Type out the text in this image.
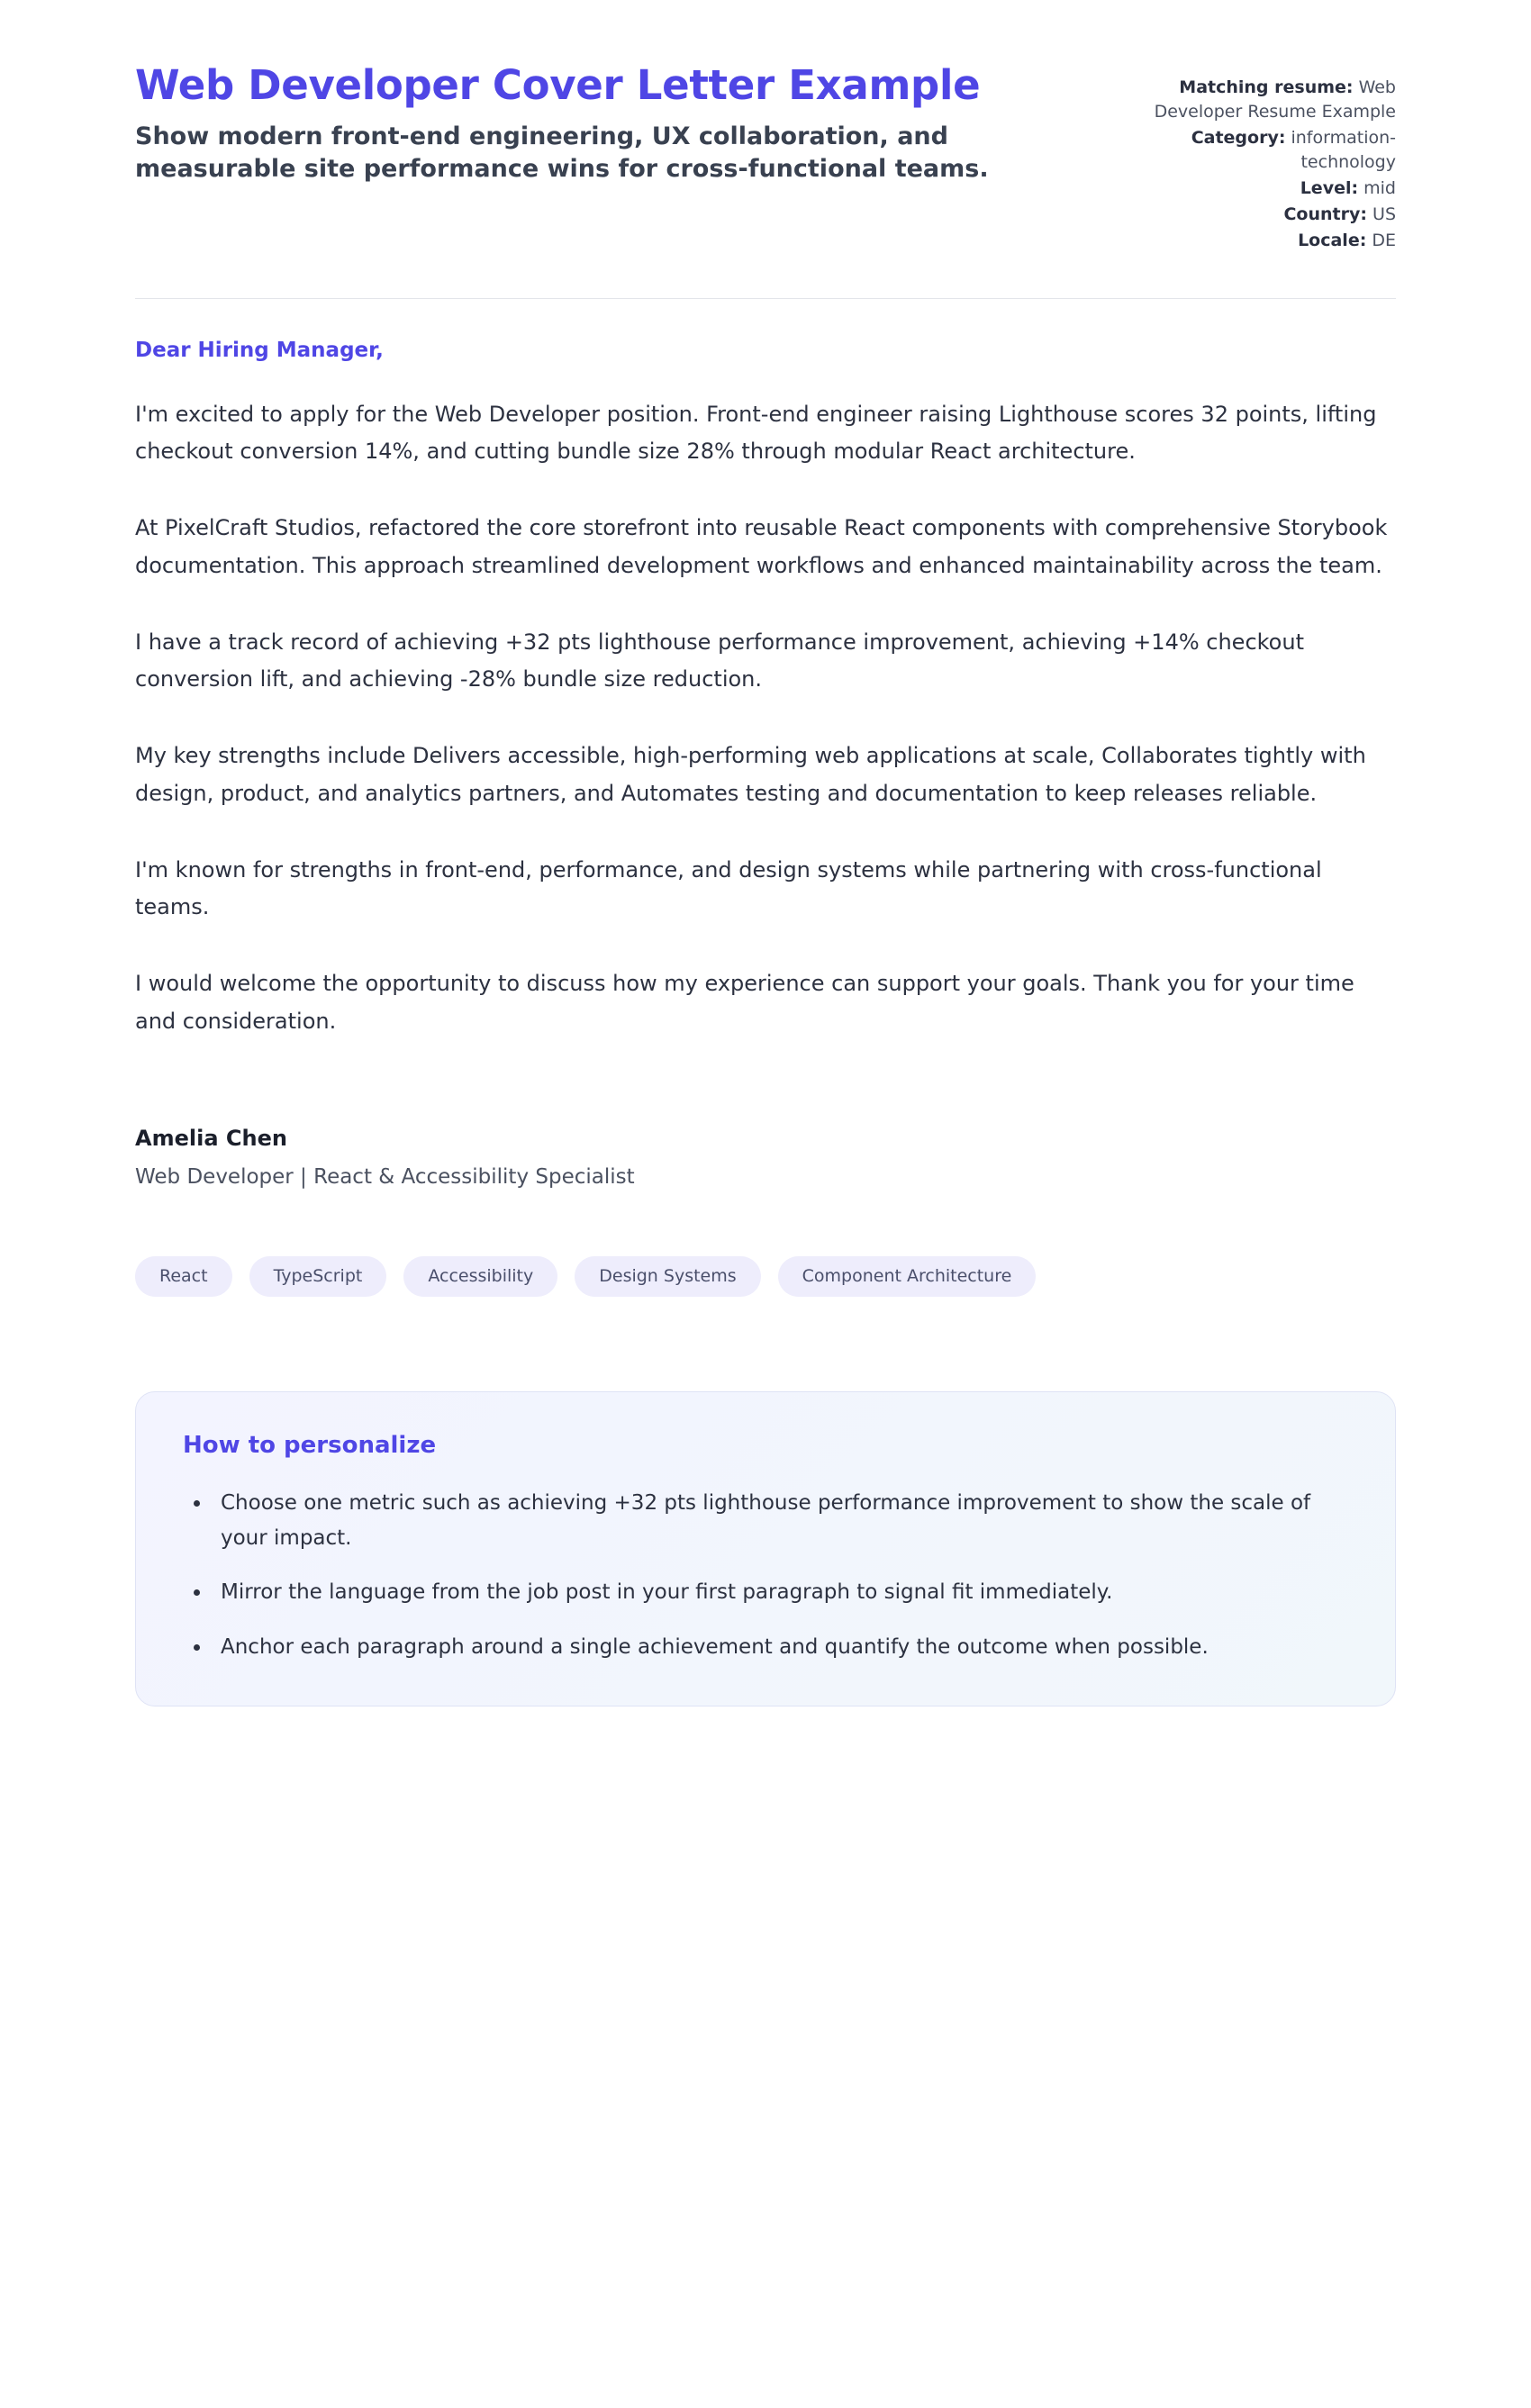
Web Developer Cover Letter Example

Show modern front-end engineering, UX collaboration, and measurable site performance wins for cross-functional teams.

Matching resume: Web Developer Resume Example
Category: information-technology
Level: mid
Country: US
Locale: DE

Dear Hiring Manager,

I'm excited to apply for the Web Developer position. Front-end engineer raising Lighthouse scores 32 points, lifting checkout conversion 14%, and cutting bundle size 28% through modular React architecture.

At PixelCraft Studios, refactored the core storefront into reusable React components with comprehensive Storybook documentation. This approach streamlined development workflows and enhanced maintainability across the team.

I have a track record of achieving +32 pts lighthouse performance improvement, achieving +14% checkout conversion lift, and achieving -28% bundle size reduction.

My key strengths include Delivers accessible, high-performing web applications at scale, Collaborates tightly with design, product, and analytics partners, and Automates testing and documentation to keep releases reliable.

I'm known for strengths in front-end, performance, and design systems while partnering with cross-functional teams.

I would welcome the opportunity to discuss how my experience can support your goals. Thank you for your time and consideration.

Amelia Chen

Web Developer | React & Accessibility Specialist

React	TypeScript	Accessibility	Design Systems	Component Architecture
How to personalize
• Choose one metric such as achieving +32 pts lighthouse performance improvement to show the scale of your impact.
• Mirror the language from the job post in your first paragraph to signal fit immediately.
• Anchor each paragraph around a single achievement and quantify the outcome when possible.
